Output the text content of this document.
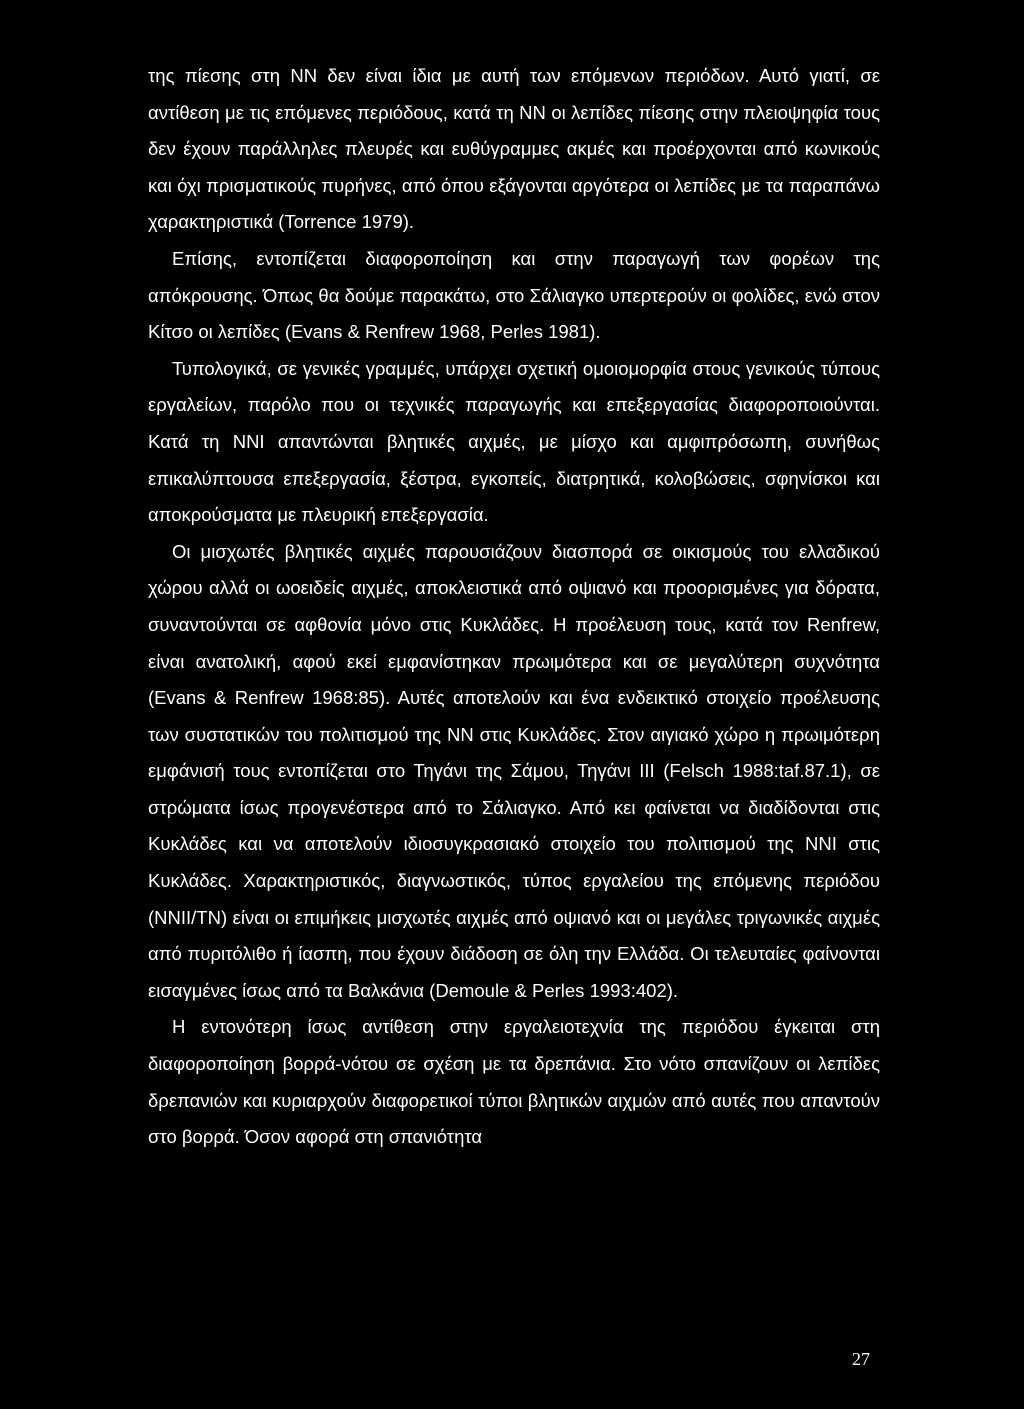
της πίεσης στη ΝΝ δεν είναι ίδια με αυτή των επόμενων περιόδων. Αυτό γιατί, σε αντίθεση με τις επόμενες περιόδους, κατά τη ΝΝ οι λεπίδες πίεσης στην πλειοψηφία τους δεν έχουν παράλληλες πλευρές και ευθύγραμμες ακμές και προέρχονται από κωνικούς και όχι πρισματικούς πυρήνες, από όπου εξάγονται αργότερα οι λεπίδες με τα παραπάνω χαρακτηριστικά (Torrence 1979).

Επίσης, εντοπίζεται διαφοροποίηση και στην παραγωγή των φορέων της απόκρουσης. Όπως θα δούμε παρακάτω, στο Σάλιαγκο υπερτερούν οι φολίδες, ενώ στον Κίτσο οι λεπίδες (Evans & Renfrew 1968, Perles 1981).

Τυπολογικά, σε γενικές γραμμές, υπάρχει σχετική ομοιομορφία στους γενικούς τύπους εργαλείων, παρόλο που οι τεχνικές παραγωγής και επεξεργασίας διαφοροποιούνται. Κατά τη ΝΝΙ απαντώνται βλητικές αιχμές, με μίσχο και αμφιπρόσωπη, συνήθως επικαλύπτουσα επεξεργασία, ξέστρα, εγκοπείς, διατρητικά, κολοβώσεις, σφηνίσκοι και αποκρούσματα με πλευρική επεξεργασία.

Οι μισχωτές βλητικές αιχμές παρουσιάζουν διασπορά σε οικισμούς του ελλαδικού χώρου αλλά οι ωοειδείς αιχμές, αποκλειστικά από οψιανό και προορισμένες για δόρατα, συναντούνται σε αφθονία μόνο στις Κυκλάδες. Η προέλευση τους, κατά τον Renfrew, είναι ανατολική, αφού εκεί εμφανίστηκαν πρωιμότερα και σε μεγαλύτερη συχνότητα (Evans & Renfrew 1968:85). Αυτές αποτελούν και ένα ενδεικτικό στοιχείο προέλευσης των συστατικών του πολιτισμού της ΝΝ στις Κυκλάδες. Στον αιγιακό χώρο η πρωιμότερη εμφάνισή τους εντοπίζεται στο Τηγάνι της Σάμου, Τηγάνι ΙΙΙ (Felsch 1988:taf.87.1), σε στρώματα ίσως προγενέστερα από το Σάλιαγκο. Από κει φαίνεται να διαδίδονται στις Κυκλάδες και να αποτελούν ιδιοσυγκρασιακό στοιχείο του πολιτισμού της ΝΝΙ στις Κυκλάδες. Χαρακτηριστικός, διαγνωστικός, τύπος εργαλείου της επόμενης περιόδου (ΝΝΙΙ/ΤΝ) είναι οι επιμήκεις μισχωτές αιχμές από οψιανό και οι μεγάλες τριγωνικές αιχμές από πυριτόλιθο ή ίασπη, που έχουν διάδοση σε όλη την Ελλάδα. Οι τελευταίες φαίνονται εισαγμένες ίσως από τα Βαλκάνια (Demoule & Perles 1993:402).

Η εντονότερη ίσως αντίθεση στην εργαλειοτεχνία της περιόδου έγκειται στη διαφοροποίηση βορρά-νότου σε σχέση με τα δρεπάνια. Στο νότο σπανίζουν οι λεπίδες δρεπανιών και κυριαρχούν διαφορετικοί τύποι βλητικών αιχμών από αυτές που απαντούν στο βορρά. Όσον αφορά στη σπανιότητα

27
